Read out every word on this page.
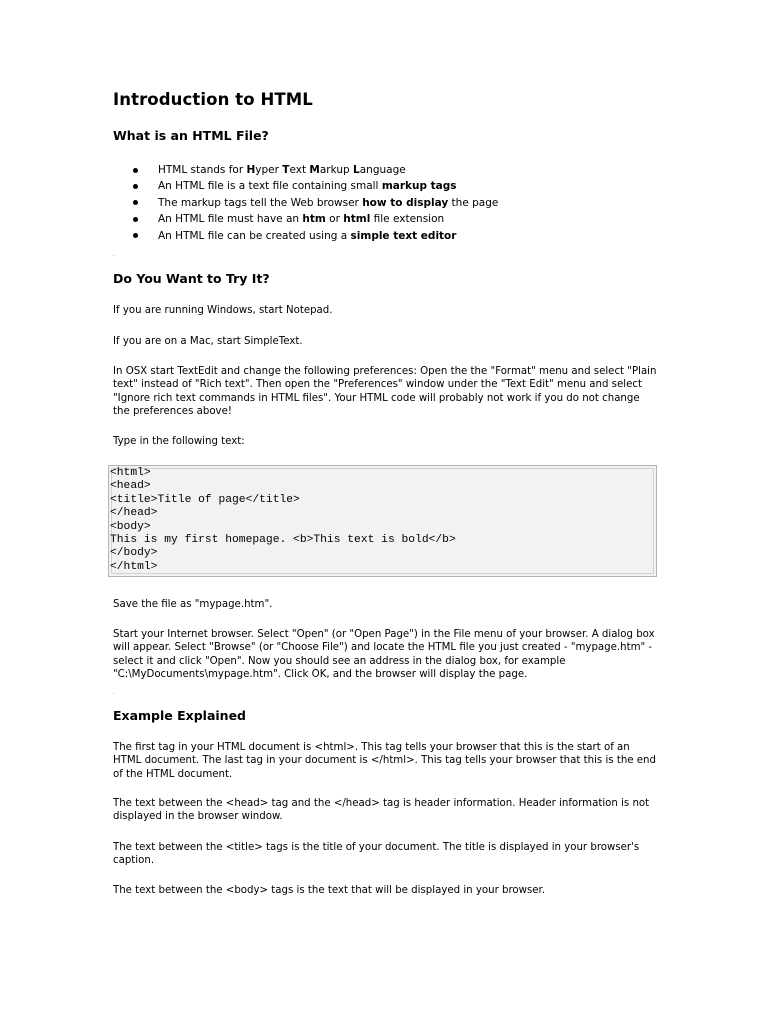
Introduction to HTML
What is an HTML File?
HTML stands for Hyper Text Markup Language
An HTML file is a text file containing small markup tags
The markup tags tell the Web browser how to display the page
An HTML file must have an htm or html file extension
An HTML file can be created using a simple text editor
.
Do You Want to Try It?

If you are running Windows, start Notepad.

If you are on a Mac, start SimpleText.

In OSX start TextEdit and change the following preferences: Open the the "Format" menu and select "Plain text" instead of "Rich text". Then open the "Preferences" window under the "Text Edit" menu and select "Ignore rich text commands in HTML files". Your HTML code will probably not work if you do not change the preferences above!

Type in the following text:

<html>
<head>
<title>Title of page</title>
</head>
<body>
This is my first homepage. <b>This text is bold</b>
</body>
</html>

Save the file as "mypage.htm".

Start your Internet browser. Select "Open" (or "Open Page") in the File menu of your browser. A dialog box will appear. Select "Browse" (or "Choose File") and locate the HTML file you just created - "mypage.htm" - select it and click "Open". Now you should see an address in the dialog box, for example "C:\MyDocuments\mypage.htm". Click OK, and the browser will display the page.

.
Example Explained

The first tag in your HTML document is <html>. This tag tells your browser that this is the start of an HTML document. The last tag in your document is </html>. This tag tells your browser that this is the end of the HTML document.

The text between the <head> tag and the </head> tag is header information. Header information is not displayed in the browser window.

The text between the <title> tags is the title of your document. The title is displayed in your browser's caption.

The text between the <body> tags is the text that will be displayed in your browser.
